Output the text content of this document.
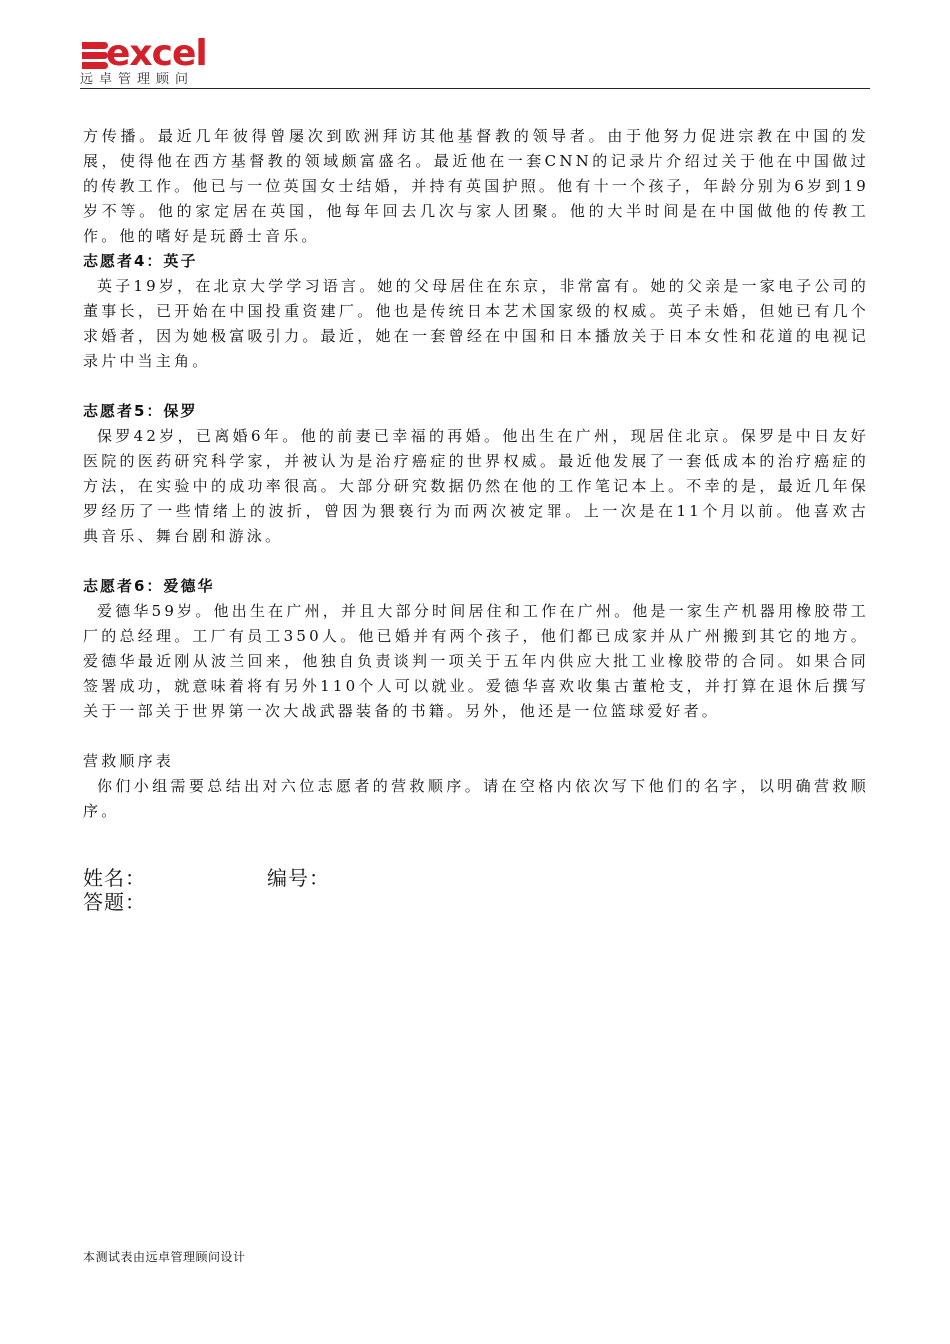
excel
远卓管理顾问

方传播。最近几年彼得曾屡次到欧洲拜访其他基督教的领导者。由于他努力促进宗教在中国的发展，使得他在西方基督教的领域颇富盛名。最近他在一套CNN的记录片介绍过关于他在中国做过的传教工作。他已与一位英国女士结婚，并持有英国护照。他有十一个孩子，年龄分别为6岁到19岁不等。他的家定居在英国，他每年回去几次与家人团聚。他的大半时间是在中国做他的传教工作。他的嗜好是玩爵士音乐。

志愿者4：英子

英子19岁，在北京大学学习语言。她的父母居住在东京，非常富有。她的父亲是一家电子公司的董事长，已开始在中国投重资建厂。他也是传统日本艺术国家级的权威。英子未婚，但她已有几个求婚者，因为她极富吸引力。最近，她在一套曾经在中国和日本播放关于日本女性和花道的电视记录片中当主角。

志愿者5：保罗

保罗42岁，已离婚6年。他的前妻已幸福的再婚。他出生在广州，现居住北京。保罗是中日友好医院的医药研究科学家，并被认为是治疗癌症的世界权威。最近他发展了一套低成本的治疗癌症的方法，在实验中的成功率很高。大部分研究数据仍然在他的工作笔记本上。不幸的是，最近几年保罗经历了一些情绪上的波折，曾因为猥亵行为而两次被定罪。上一次是在11个月以前。他喜欢古典音乐、舞台剧和游泳。

志愿者6：爱德华

爱德华59岁。他出生在广州，并且大部分时间居住和工作在广州。他是一家生产机器用橡胶带工厂的总经理。工厂有员工350人。他已婚并有两个孩子，他们都已成家并从广州搬到其它的地方。爱德华最近刚从波兰回来，他独自负责谈判一项关于五年内供应大批工业橡胶带的合同。如果合同签署成功，就意味着将有另外110个人可以就业。爱德华喜欢收集古董枪支，并打算在退休后撰写关于一部关于世界第一次大战武器装备的书籍。另外，他还是一位篮球爱好者。

营救顺序表

你们小组需要总结出对六位志愿者的营救顺序。请在空格内依次写下他们的名字，以明确营救顺序。

姓名：	编号：
答题：
本测试表由远卓管理顾问设计
